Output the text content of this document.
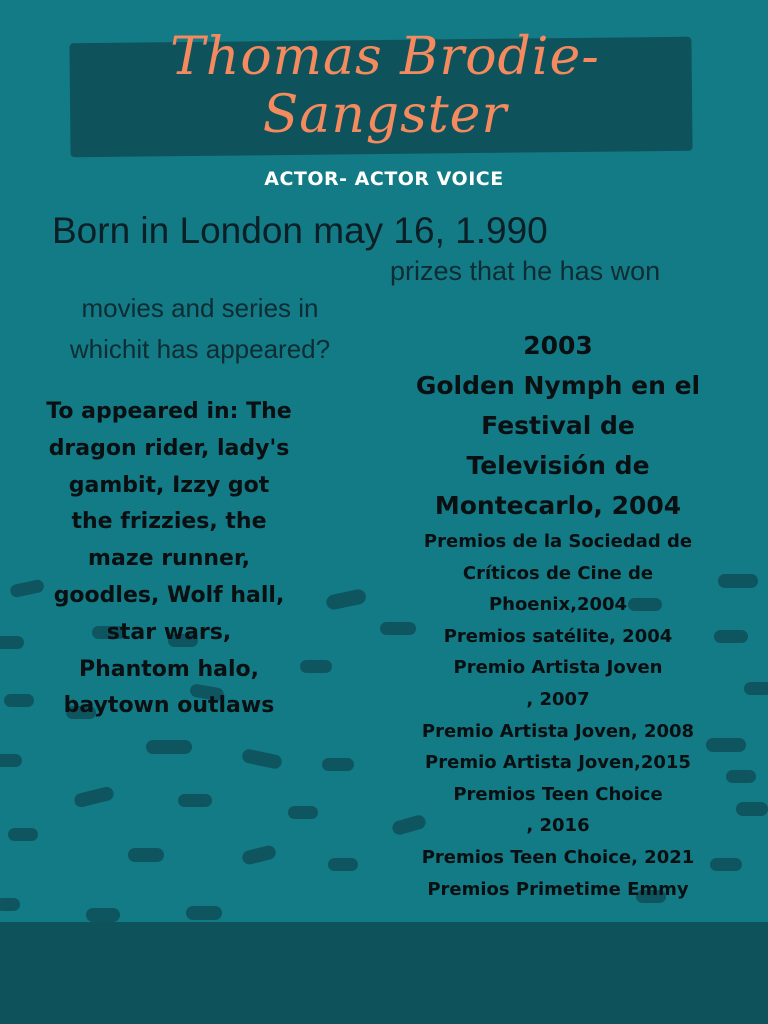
Thomas Brodie-
Sangster
ACTOR- ACTOR VOICE
Born in London may 16, 1.990
prizes that he has won
movies and series in
whichit has appeared?
To appeared in: The
dragon rider, lady's
gambit, Izzy got
the frizzies, the
maze runner,
goodles, Wolf hall,
star wars,
Phantom halo,
baytown outlaws
2003
Golden Nymph en el
Festival de
Televisión de
Montecarlo, 2004
Premios de la Sociedad de
Críticos de Cine de
Phoenix,2004
Premios satélite, 2004
Premio Artista Joven
, 2007
Premio Artista Joven, 2008
Premio Artista Joven,2015
Premios Teen Choice
, 2016
Premios Teen Choice, 2021
Premios Primetime Emmy
